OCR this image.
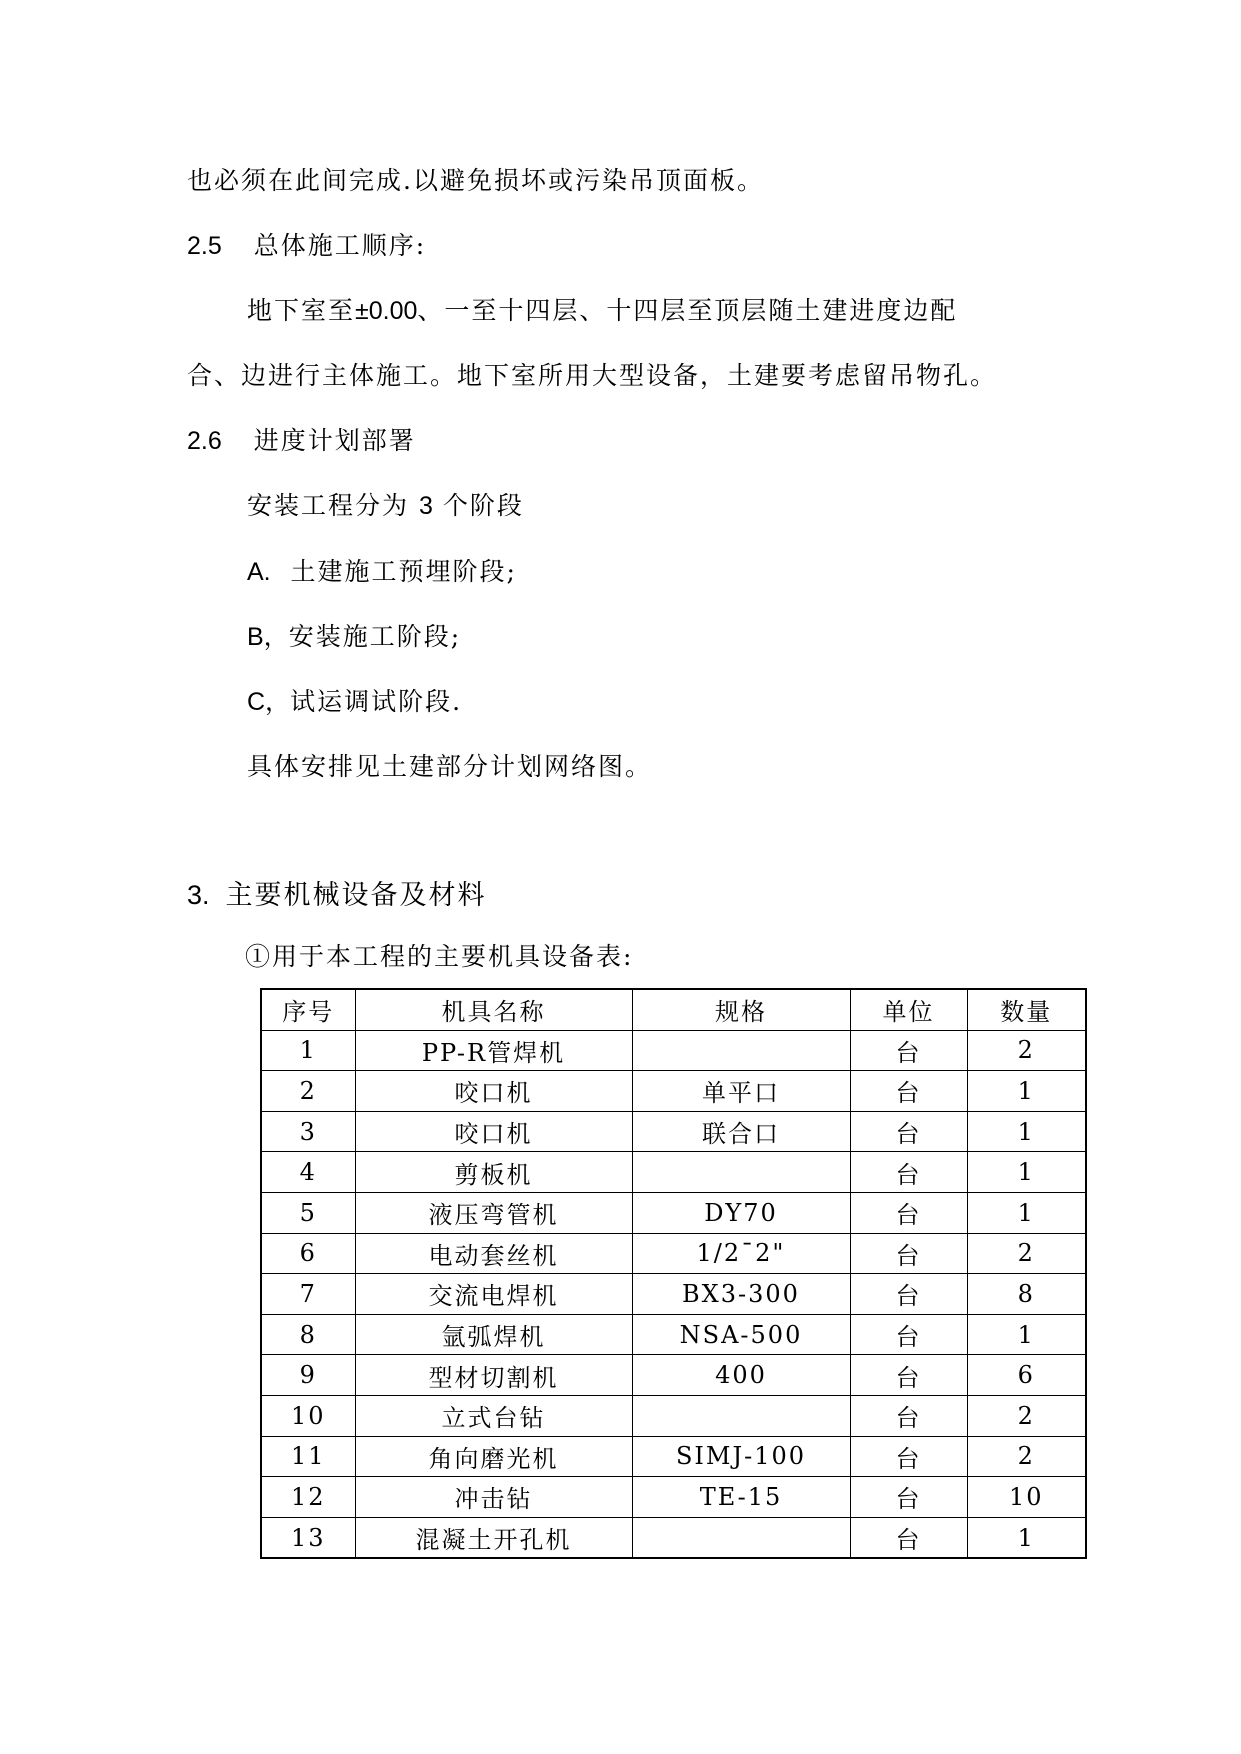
也必须在此间完成.以避免损坏或污染吊顶面板。
2.5 总体施工顺序:
地下室至±0.00、一至十四层、十四层至顶层随土建进度边配
合、边进行主体施工。地下室所用大型设备，土建要考虑留吊物孔。
2.6 进度计划部署
安装工程分为 3 个阶段
A. 土建施工预埋阶段;
B，安装施工阶段;
C，试运调试阶段.
具体安排见土建部分计划网络图。
3. 主要机械设备及材料
①用于本工程的主要机具设备表:
序号	机具名称	规格	单位	数量
1	PP-R管焊机		台	2
2	咬口机	单平口	台	1
3	咬口机	联合口	台	1
4	剪板机		台	1
5	液压弯管机	DY70	台	1
6	电动套丝机	1/2¯2"	台	2
7	交流电焊机	BX3-300	台	8
8	氩弧焊机	NSA-500	台	1
9	型材切割机	400	台	6
10	立式台钻		台	2
11	角向磨光机	SIMJ-100	台	2
12	冲击钻	TE-15	台	10
13	混凝土开孔机		台	1
